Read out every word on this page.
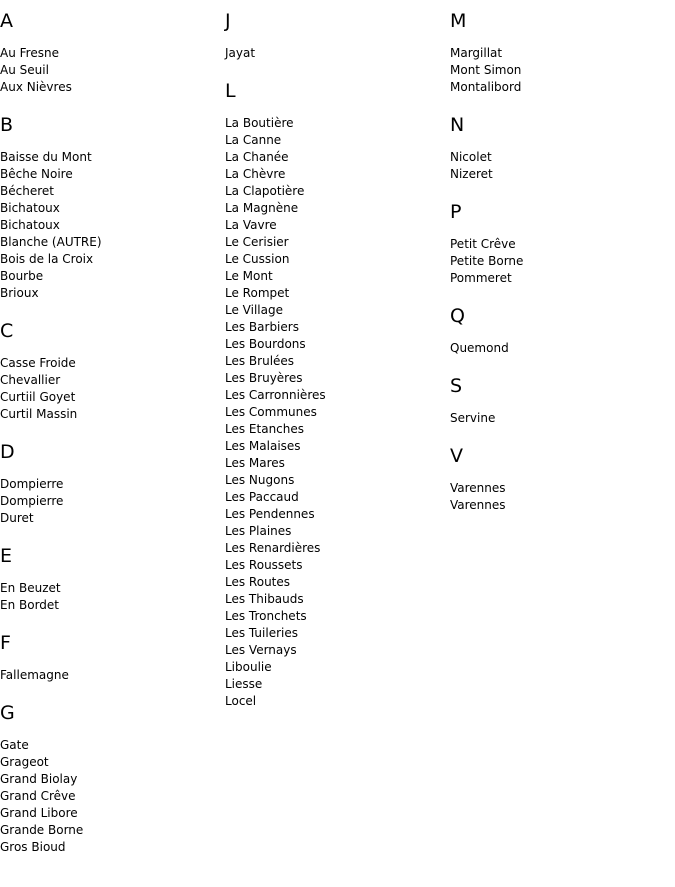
A
Au Fresne
Au Seuil
Aux Nièvres
B
Baisse du Mont
Bêche Noire
Bécheret
Bichatoux
Bichatoux
Blanche (AUTRE)
Bois de la Croix
Bourbe
Brioux
C
Casse Froide
Chevallier
Curtiil Goyet
Curtil Massin
D
Dompierre
Dompierre
Duret
E
En Beuzet
En Bordet
F
Fallemagne
G
Gate
Grageot
Grand Biolay
Grand Crêve
Grand Libore
Grande Borne
Gros Bioud
J
Jayat
L
La Boutière
La Canne
La Chanée
La Chèvre
La Clapotière
La Magnène
La Vavre
Le Cerisier
Le Cussion
Le Mont
Le Rompet
Le Village
Les Barbiers
Les Bourdons
Les Brulées
Les Bruyères
Les Carronnières
Les Communes
Les Etanches
Les Malaises
Les Mares
Les Nugons
Les Paccaud
Les Pendennes
Les Plaines
Les Renardières
Les Roussets
Les Routes
Les Thibauds
Les Tronchets
Les Tuileries
Les Vernays
Liboulie
Liesse
Locel
M
Margillat
Mont Simon
Montalibord
N
Nicolet
Nizeret
P
Petit Crêve
Petite Borne
Pommeret
Q
Quemond
S
Servine
V
Varennes
Varennes
